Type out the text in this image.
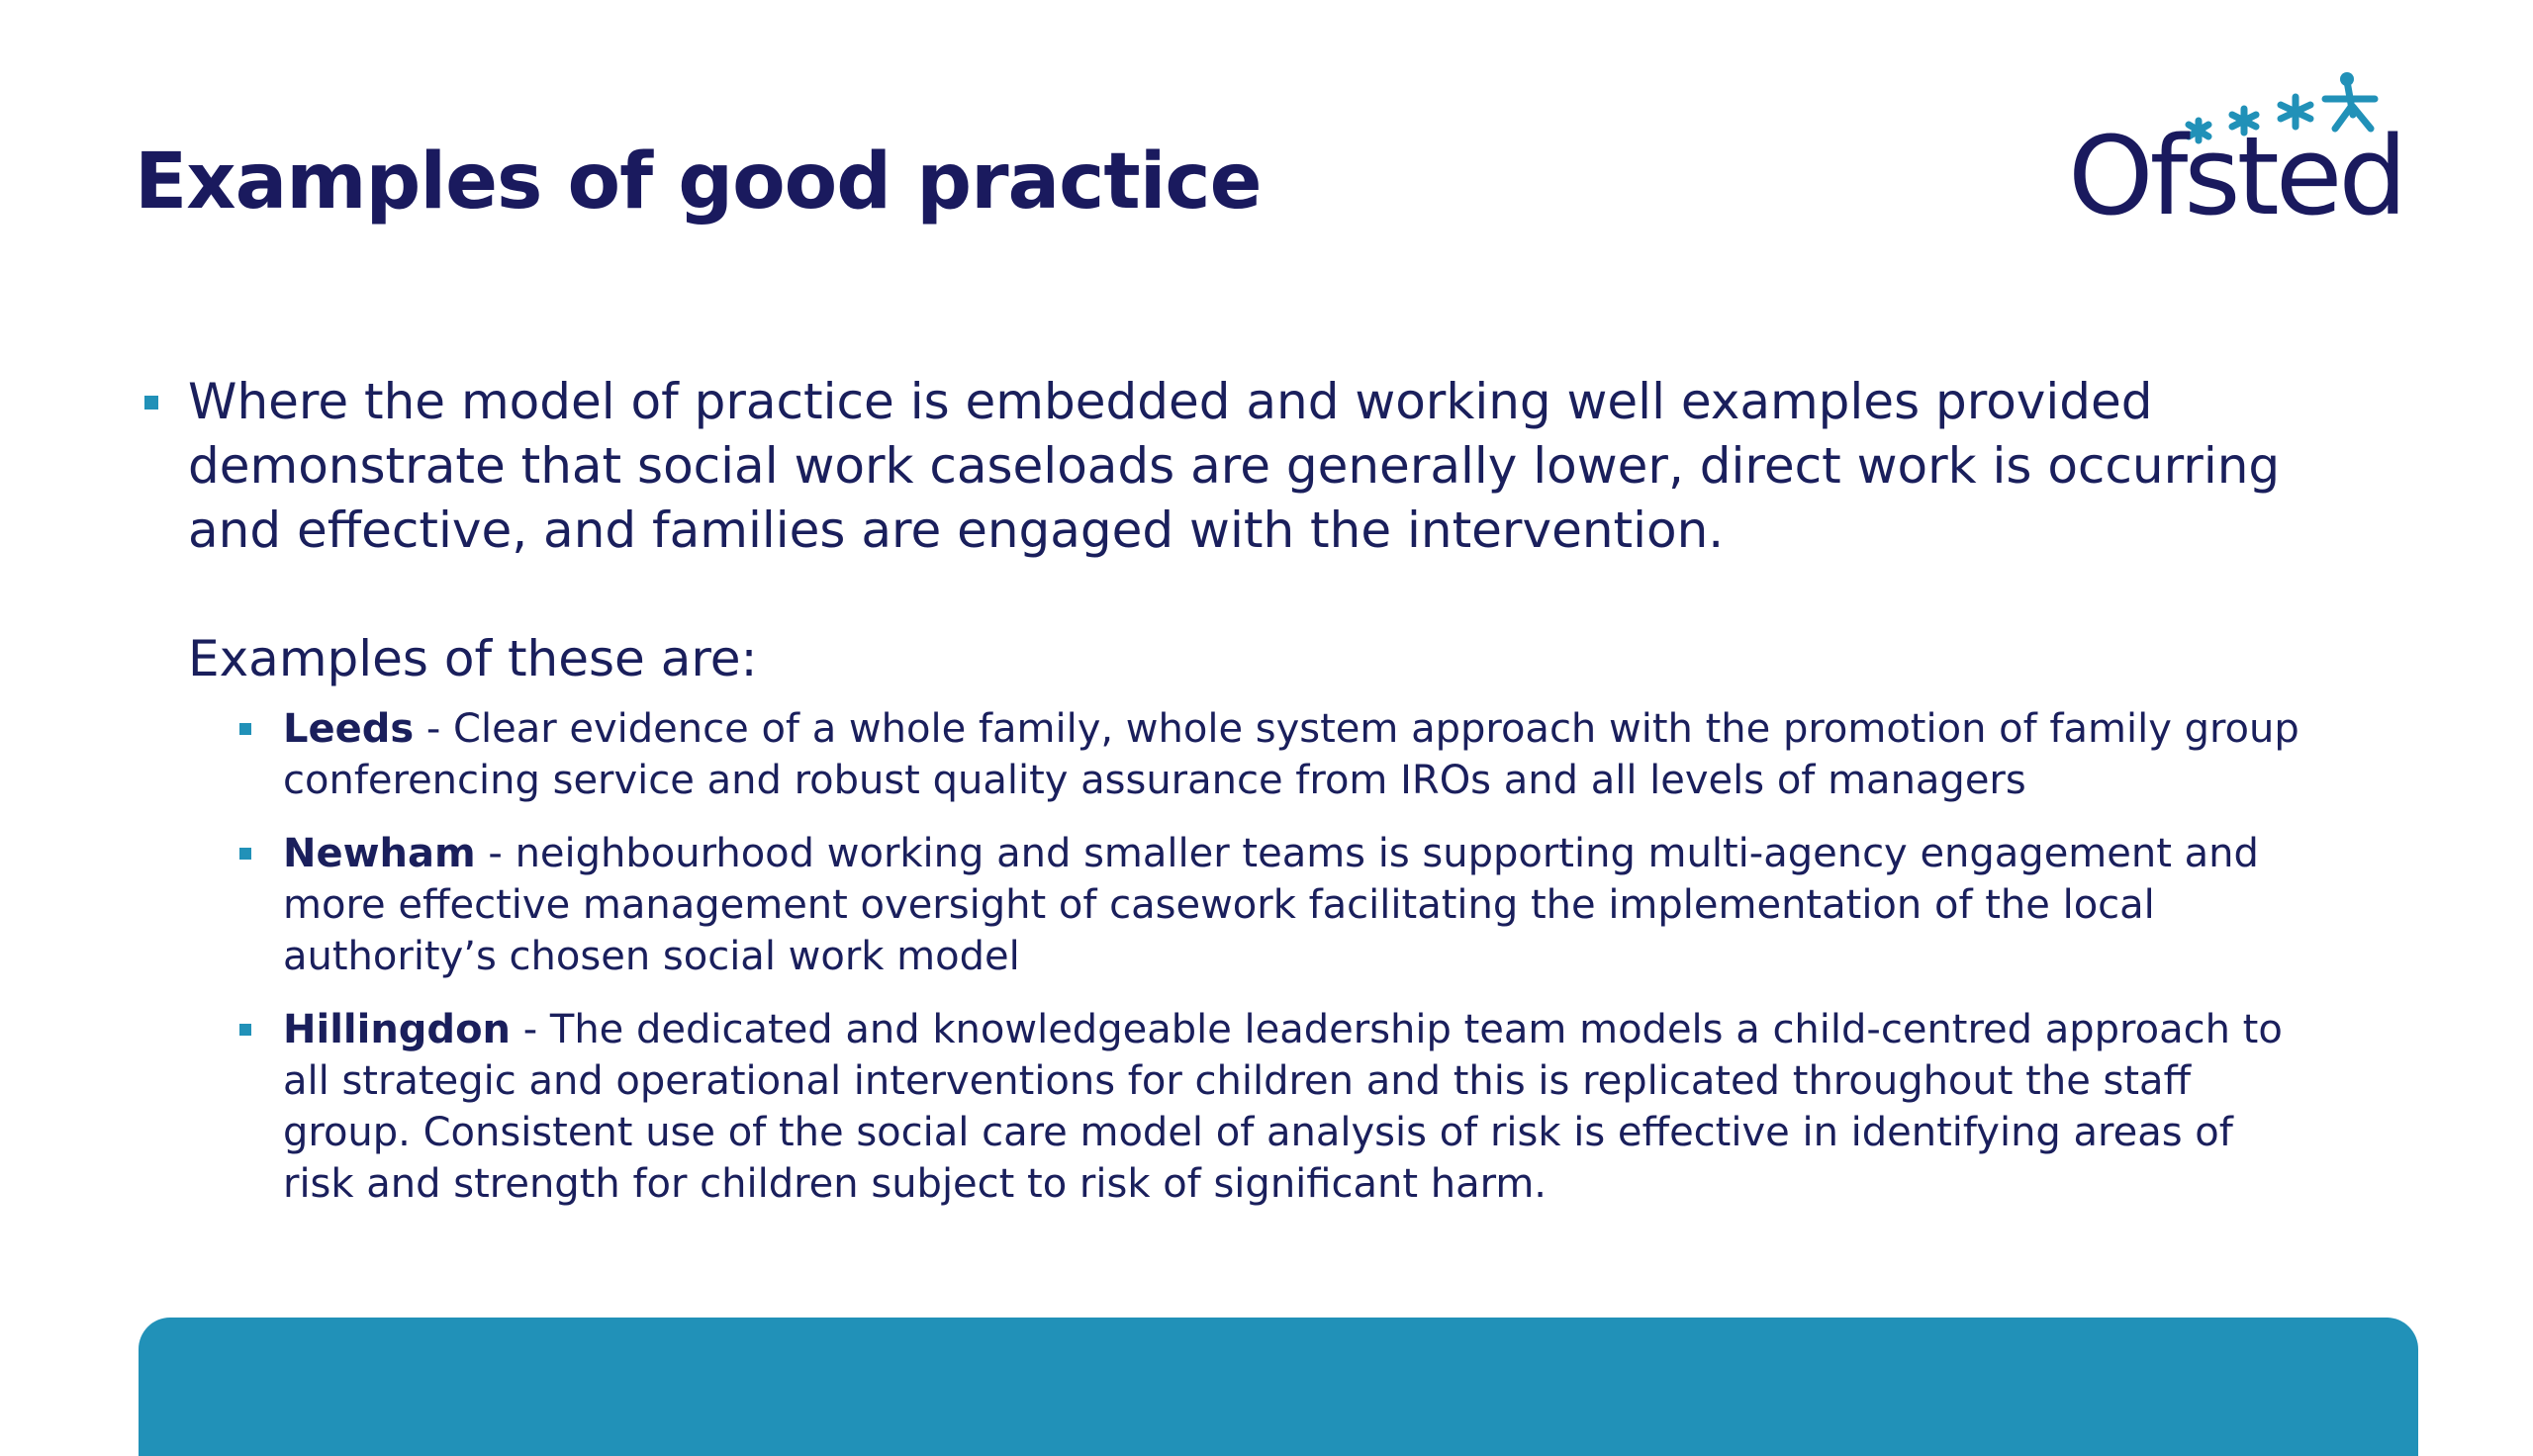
Examples of good practice	Ofsted

Where the model of practice is embedded and working well examples provided demonstrate that social work caseloads are generally lower, direct work is occurring and effective, and families are engaged with the intervention.

Examples of these are:

Leeds - Clear evidence of a whole family, whole system approach with the promotion of family group conferencing service and robust quality assurance from IROs and all levels of managers
Newham - neighbourhood working and smaller teams is supporting multi-agency engagement and more effective management oversight of casework facilitating the implementation of the local authority’s chosen social work model
Hillingdon - The dedicated and knowledgeable leadership team models a child-centred approach to all strategic and operational interventions for children and this is replicated throughout the staff group. Consistent use of the social care model of analysis of risk is effective in identifying areas of risk and strength for children subject to risk of significant harm.
